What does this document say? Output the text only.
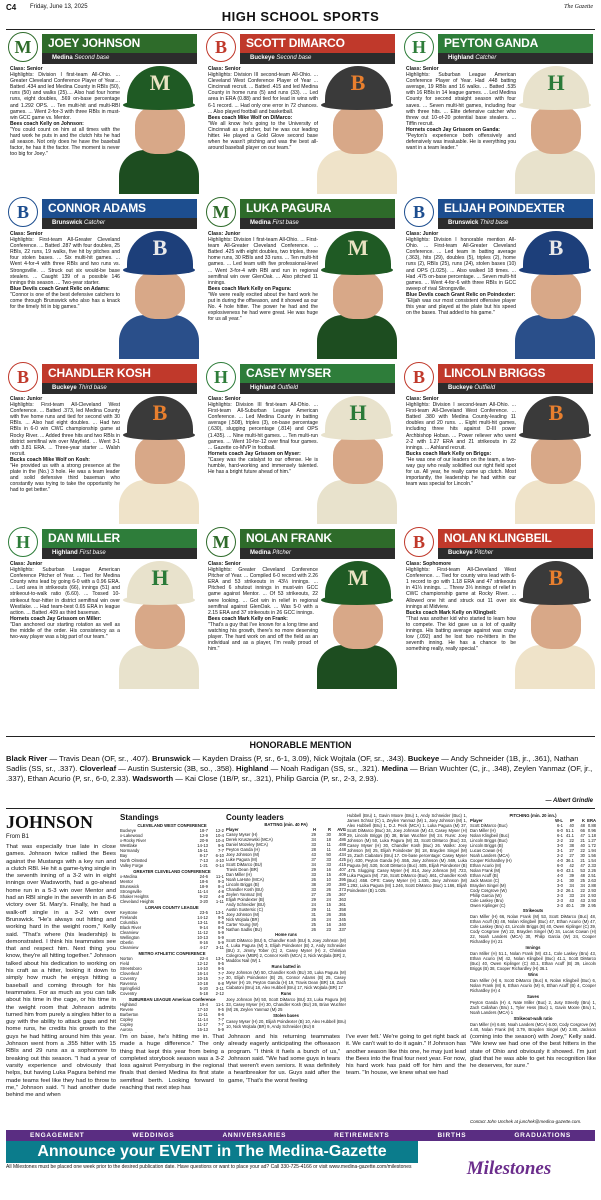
C4 Friday, June 13, 2025
HIGH SCHOOL SPORTS
The Gazette
M	JOEY JOHNSON
Medina Second base
Class: Senior
Highlights: Division I first-team All-Ohio. ... Greater Cleveland Conference Player of Year.... Batted .434 and led Medina County in RBIs (50), runs (50) and walks (25).... Also had four home runs, eight doubles, .569 on-base percentage and 1.292 OPS. ... Ten multi-hit and multi-RBI games. ... Went 2-for-3 with three RBIs in must-win GCC game vs. Mentor.
Bees coach Kelly on Johnson:
"You could count on him at all times with the hard work he puts in and the clutch hits he had all season. Not only does he have the baseball factor, he has it the factor. The moment is never too big for Joey."
M
B	SCOTT DIMARCO
Buckeye Second base
Class: Senior
Highlights: Division III second-team All-Ohio. ... Cleveland West Conference Player of Year ... Cincinnati recruit. ... Batted .415 and led Medina County in home runs (5) and runs (33). ... Led area in ERA (0.88) and tied for lead in wins with 6-1 record. ... Had only one error in 72 chances. ... Also played football and basketball.
Bees coach Mike Wolf on DiMarco:
"We all know he's going to the University of Cincinnati as a pitcher, but he was our leading hitter. He played a Gold Glove second base when he wasn't pitching and was the best all-around baseball player on our team."
B
H	PEYTON GANDA
Highland Catcher
Class: Senior
Highlights: Suburban League American Conference Player of Year. Had .448 batting average, 19 RBIs and 16 walks. ... Batted .535 with 16 RBIs in 14 league games. ... Led Medina County for second straight season with four saves. ... Seven multi-hit games, including four with three hits. ... Elite defensive catcher who threw out 10-of-20 potential base stealers. ... Tiffin recruit.
Hornets coach Jay Grissom on Ganda:
"Peyton's experience both offensively and defensively was invaluable. He is everything you want in a team leader."
H
B	CONNOR ADAMS
Brunswick Catcher
Class: Senior
Highlights: First-team All-Greater Cleveland Conference. ... Batted .287 with four doubles, 25 RBIs, 22 runs, 19 walks, five hit by pitches and four stolen bases. ... Six multi-hit games. ... Went 4-for-4 with three RBIs and two runs vs. Strongsville. ... Struck out six would-be base stealers. ... Caught 139 of a possible 146 innings this season. ... Two-year starter.
Blue Devils coach Grant Relic on Adams:
"Connor is one of the best defensive catchers to come through Brunswick who also has a knack for the timely hit in big games."
B
M	LUKA PAGURA
Medina First base
Class: Junior
Highlights: Division I first-team All-Ohio. ... First-team All-Greater Cleveland Conference. ... Batted .425 with eight doubles, two triples, three home runs, 30 RBIs and 33 runs. ... Ten multi-hit games. ... Led team with five professional-level ... Went 3-for-4 with RBI and run in regional semifinal win over GlenOak. ... Also pitched 11 innings.
Bees coach Mark Kelly on Pagura:
"We were really excited about the hard work he put in during the offseason, and it showed as our No. 4 hole hitter. The power he had and the explosiveness he had were great. He was huge for us all year."
M
B	ELIJAH POINDEXTER
Brunswick Third base
Class: Junior
Highlights: Division I honorable mention All-Ohio. ... First-team All-Greater Cleveland Conference. ... Led team in batting average (.363), hits (29), doubles (5), triples (2), home runs (2), RBIs (25), runs (24), stolen bases (10) and OPS (1.025). ... Also walked 18 times. ... Had .475 on-base percentage. ... Seven multi-hit games. ... Went 4-for-6 with three RBIs in GCC sweep of rival Strongsville.
Blue Devils coach Grant Relic on Poindexter:
"Elijah was our most consistent offensive player this year and played at the plate but his speed on the bases. That added to his game."
B
B	CHANDLER KOSH
Buckeye Third base
Class: Junior
Highlights: First-team All-Cleveland West Conference. ... Batted .373, led Medina County with five home runs and tied for second with 30 RBIs. ... Also had eight doubles. ... Had two RBIs in 6-0 win CWC championship game at Rocky River. ... Added three hits and two RBIs in district semifinal win over Mayfield. ... Went 3-1 with 3.81 ERA. ... Three-year starter ... Walsh recruit.
Bucks coach Mike Wolf on Kosh:
"He provided us with a strong presence at the plate in the (No.) 3 hole. He was a team leader and solid defensive third baseman who constantly was trying to take the opportunity he had to get better."
B
H	CASEY MYSER
Highland Outfield
Class: Senior
Highlights: Division III first-team All-Ohio. ... First-team All-Suburban League American Conference. ... Led Medina County in batting average (.508), triples (3), on-base percentage (.630), slugging percentage (.814) and OPS (1.435). ... Nine multi-hit games. ... Ten multi-run games. ... Went 10-for-12 over final four games. ... Gazette co-MVP in football.
Hornets coach Jay Grissom on Myser:
"Casey was the catalyst to our offense. He is humble, hard-working and immensely talented. He has a bright future ahead of him."
H
B	LINCOLN BRIGGS
Buckeye Outfield
Class: Senior
Highlights: Division I second-team All-Ohio. ... First-team All-Cleveland West Conference. ... Batted .380 with Medina County-leading 11 doubles and 20 runs. ... Eight multi-hit games, including three hits against D-III power Archbishop Hoban. ... Power reliever who went 2-2 with 1.27 ERA and 21 strikeouts in 22 innings. ... Ashland recruit.
Bucks coach Mark Kelly on Briggs:
"He was one of our leaders on the team, a two-way guy who really solidified our right field spot for us. All year, he really came up clutch. Most importantly, the leadership he had within our team was special for Lincoln."
B
H	DAN MILLER
Highland First base
Class: Junior
Highlights: Suburban League American Conference Pitcher of Year. ... Tied for Medina County wins lead by going 6-0 with a 0.96 ERA. ... Led area in strikeouts (66), innings (51) and strikeout-to-walk ratio (6.60). ... Tossed 10-strikeout four-hitter in district semifinal win over Westlake. ... Had team-best 0.65 ERA in league action. ... Batted .409 as third baseman.
Hornets coach Jay Grissom on Miller:
"Dan anchored our starting rotation as well as the middle of the order. His consistency as a two-way player was a big part of our team."
H
M	NOLAN FRANK
Medina Pitcher
Class: Senior
Highlights: Greater Cleveland Conference Pitcher of Year. ... Compiled 6-0 record with 2.26 ERA and 53 strikeouts in 43⅓ innings. ... Pitched 6 shutout innings in must-win GCC game against Mentor. ... Of 53 strikeouts, 22 were looking. ... Got win in relief in regional semifinal against GlenOak. ... Was 5-0 with a 2.15 ERA and 37 strikeouts in 26 GCC innings.
Bees coach Mark Kelly on Frank:
"That's a guy that I've known for a long time and watching his growth, there's no more deserving player. The hard work on and off the field as an individual and as a player, I'm really proud of him."
M
B	NOLAN KLINGBEIL
Buckeye Pitcher
Class: Sophomore
Highlights: First-team All-Cleveland West Conference. ... Tied for county wins lead with 6-1 record to go with 1.18 ERA and 47 strikeouts in 41⅓ innings. ... Threw 3⅓ innings of relief in CWC championship game at Rocky River. ... Allowed one hit and struck out 11 over six innings at Midview.
Bucks coach Mark Kelly on Klingbeil:
"That was another kid who started to learn how to compete. The kid gave us a lot of quality innings. His batting average against was crazy low (.092) and he lost two no-hitters in the seventh inning. He has a chance to be something really, really special."
B
HONORABLE MENTION
Black River — Travis Dean (OF, sr., .407). Brunswick — Kayden Draiss (P, sr., 6-1, 3.09), Nick Wojtala (OF, sr., .343). Buckeye — Andy Schneider (1B, jr., .361), Nathan Sadlis (SS, sr., .337). Cloverleaf — Austin Sustersic (3B, so., .358). Highland — Noah Radigan (SS, sr., .321). Medina — Brian Wuchter (C, jr., .348), Zeylen Yanmaz (OF, jr., .337), Ethan Acurio (P, sr., 6-0, 2.33). Wadsworth — Kai Close (1B/P, sr., .321), Philip Garcia (P, sr., 2-3, 2.93).
— Albert Grindle
JOHNSON
From B1
That was especially true late in close games. Johnson twice rallied the Bees against the Mustangs with a key run and a clutch RBI. He hit a game-tying single in the seventh inning of a 3-2 win in eight innings over Wadsworth, had a go-ahead home run in a 5-3 win over Mentor and had an RBI single in the seventh in an 8-6 victory over St. Mary's. Finally, he had a walk-off single in a 3-2 win over Brunswick. "He's always out hitting and working hard in the weight room," Kelly said. "That's where (his leadership) is demonstrated. I think his teammates see that and respect him. Next thing you know, they're all hitting together." Johnson talked about his dedication to working on his craft as a hitter, looking it down to simply how much he enjoys hitting a baseball and coming through for his teammates. For as much as you can talk about his time in the cage, or his time in the weight room that Johnson admits turned him from purely a singles hitter to a guy with the ability to attack gaps and hit home runs, he credits his growth to the guys he had hitting around him this year. Johnson went from a .355 hitter with 15 RBIs and 29 runs as a sophomore to breaking out this season. "I had a year of varsity experience and obviously that helps, but having Luka Pagura behind me made teams feel like they had to throw to me," Johnson said. "I had another dude behind me and when
I'm on base, he's hitting me in. That made a huge difference." The only thing that kept this year from being a completed storybook season was a 3-2 loss against Perrysburg in the regional finals that denied Medina its first state semifinal berth. Looking forward to reaching that next step has
Johnson and his returning teammates already eagerly anticipating the offseason program. "I think it fuels a bunch of us," Johnson said. "We had some guys in tears that weren't even seniors. It was definitely a heartbreaker for us. Guys said after the game, 'That's the worst feeling
I've ever felt.' We're going to get right back at it. We can't wait to do it again." If Johnson has another season like this one, he may just lead the Bees into the final four next year. For now, his hard work has paid off for him and the team. "In house, we knew what we had
(coming into the season) with Joey," Kelly said. "We knew we had one of the best hitters in the state of Ohio and obviously it showed. I'm just glad that he was able to get his recognition like he deserves, for sure."
Contact John Unchek at junchek@medina-gazette.com.
Standings
CLEVELAND WEST CONFERENCE
Buckeye	18-7	12-2
x-Lakewood	12-9	10-4
x-Rocky River	20-9	10-4
Westlake	14-13	9-5
Normandy	15-11	7-7
Bay	8-17	6-10
North Olmsted	7-13	4-10
Valley Forge	1-21	0-14
GREATER CLEVELAND CONFERENCE
x-Medina	24-6	11-1
Mentor	18-6	9-3
Brunswick	18-9	8-4
Strongsville	11-14	4-8
Shaker Heights	9-22	4-8
Cleveland Heights	3-20	1-11
LORAIN COUNTY LEAGUE
Keystone	23-5	13-1
Firelands	14-12	9-5
Columbia	13-11	8-6
Black River	9-14	8-6
Clearview	11-12	5-9
Wellington	10-13	5-9
Oberlin	8-16	5-9
Clearview	4-17	3-11
METRO ATHLETIC CONFERENCE
Norton	22-4	13-1
Field	12-12	9-5
Streetsboro	14-10	9-5
Cloverleaf	16-14	7-7
Coventry	10-15	7-7
Ravenna	10-18	6-8
Springfield	5-20	3-11
Coventry	5-18	2-12
SUBURBAN LEAGUE American Conference
Highland	19-4	11-1
Revere	17-10	9-5
Barberton	11-11	8-6
Copley	11-14	7-7
Copley	11-17	7-7
Aurora	15-13	5-9
County leaders
BATTING (min. 40 PA)
Player	H	R	AVG
Casey Myser (H)	29	30	.508
Derek Kruszewski (MCA)	34	18	.486
Daniel Mozeley (MCA)	33	11	.488
Peyton Ganda (H)	28	11	.448
Joey Johnson (M)	43	50	.434
Luke Pagura (M)	37	33	.425
Scott DiMarco (BU)	34	33	.415
Travis Dean (BR)	29	16	.407
Dan Miller (H)	33	15	.409
Noah LaHote (MCA)	26	10	.395
Lincoln Briggs (B)	38	20	.380
Chandler Kosh (BU)	33	26	.373
Zeylen Yanmaz (M)	27	25	.367
Elijah Poindexter (B)	29	24	.363
Andy Schneider (BU)	24	15	.361
Austin Sustersic (C)	29	11	.358
Joey Johnson (M)	31	26	.355
Nick Wojtala (BR)	26	24	.345
Carter Young (W)	25	16	.340
Nathan Sadlis (BU)	26	23	.337
Home runs

Scott DiMarco (BU) 5, Chandler Kosh (BU) 5, Joey Johnson (M) 4, Luka Pagura (M) 3, Elijah Poindexter (B) 2, Andy Schneider (BU) 2, Jimmy Tober (C) 2, Casey Myser (H) 2, Christian Colegrove (MBR) 2, Connor Keith (MCA) 2, Nick Wojtala (BR) 2, Maddox Nail (W) 1

Runs batted in

Joey Johnson (M) 50, Chandler Kosh (BU) 30, Luka Pagura (M) 30, Elijah Poindexter (B) 25, Connor Adams (B) 25, Casey Myser (H) 19, Peyton Ganda (H) 19, Travis Dean (BR) 18, Zach Ciabatoni (Bru) 18, Alex Hubbell (Bru) 17, Nick Wojtala (BR) 17

Runs

Joey Johnson (M) 50, Scott DiMarco (BU) 33, Luka Pagura (M) 33, Casey Myser (H) 30, Chandler Kosh (BU) 26, Brian Wuchter (M) 26, Zeylen Yanmaz (M) 25

Stolen bases

Casey Myser (H) 20, Elijah Poindexter (B) 10, Alex Hubbell (Bru) 10, Nick Wojtala (BR) 9, Andy Schneider (BU) 8

Hubbell (Bru) 1, Gavin Moore (Bru) 1, Andy Schneider (Buc) 1, James Schraz (C) 1, Zeylen Yanmaz (M) 1, Joey Johnson (M) 1, Alex Hubbell (Bru) 1, D.J. Peck (MCA) 1. Luka Pagura (M) 37, Scott DiMarco (Buc) 34, Joey Johnson (M) 43, Casey Myser (H) 29, Lincoln Briggs (B) 38, Brian Wuchter (M) 24. Runs: Joey Johnson (M) 50, Luka Pagura (M) 33, Scott DiMarco (Buc) 33, Casey Myser (H) 30, Chandler Kosh (Buc) 26. Walks: Joey Johnson (M) 25, Elijah Poindexter (B) 18, Brayden Singel (M) 15, Zach Ciabatoni (Bru) 17. On-base percentage: Casey Myser (H) .630, Peyton Ganda (H) .555, Joey Johnson (M) .569, Luka Pagura (M) .530, Scott DiMarco (Buc) .505, Elijah Poindexter (B) .475. Slugging: Casey Myser (H) .814, Joey Johnson (M) .723, Luka Pagura (M) .716, Scott DiMarco (Buc) .661, Chandler Kosh (Buc) .658. OPS: Casey Myser (H) 1.435, Joey Johnson (M) 1.292, Luka Pagura (M) 1.246, Scott DiMarco (Buc) 1.166, Elijah Poindexter (B) 1.025.
PITCHING (min. 20 inn.)
Player	W-L	IP	K ERA
Scott DiMarco (Buc)	6-1	40	48 0.88
Dan Miller (H)	6-0 51.1	66 0.96
Nolan Klingbeil (Buc)	6-1 41.1	47 1.18
Lincoln Briggs (Buc)	2-2	22	21 1.27
Lincoln Briggs (B)	3-0	38	40 1.72
Lucas Cowan (H)	3-1	27	22 1.94
Noah Landers (MCA)	2-2	27	30 1.56
Cooper Richardley (H)	4-0 36.1	21 1.54
Ethan Acurio (M)	6-0	42	47 2.33
Nolan Frank (M)	6-0 43.1	53 2.26
Ethan Acuff (B)	4-0	39	48 2.51
Jack Mason (C)	2-1	30	25 2.63
Brayden Singel (M)	3-0	34	34 2.88
Cody Cosgrove (W)	3-2 26.1	22 2.93
Philip Garcia (W)	2-3	33	24 2.93
Cole Laskey (Bru)	2-3	43	43 2.93
Owen Kiplinger (C)	2-3 40.1	39 2.95
Strikeouts

Dan Miller (H) 66, Nolan Frank (M) 53, Scott DiMarco (Buc) 48, Ethan Acuff (B) 48, Nolan Klingbeil (Buc) 47, Ethan Acurio (M) 47, Cole Laskey (Bru) 43, Lincoln Briggs (B) 40, Owen Kiplinger (C) 39, Cody Cosgrove (W) 22, Brayden Singel (M) 34, Lucas Cowan (H) 22, Noah Landers (MCA) 30, Philip Garcia (W) 24, Cooper Richardley (H) 21

Innings

Dan Miller (H) 51.1, Nolan Frank (M) 43.1, Cole Laskey (Bru) 43, Ethan Acurio (M) 42, Nolan Klingbeil (Buc) 41.1, Scott DiMarco (Buc) 40, Owen Kiplinger (C) 40.1, Ethan Acuff (B) 39, Lincoln Briggs (B) 38, Cooper Richardley (H) 36.1

Wins

Dan Miller (H) 6, Scott DiMarco (Buc) 6, Nolan Klingbeil (Buc) 6, Nolan Frank (M) 6, Ethan Acurio (M) 6, Ethan Acuff (B) 4, Cooper Richardley (H) 4

Saves

Peyton Ganda (H) 4, Nate Miller (Buc) 2, Jusy Streetly (Bru) 1, Zach Callahan (Bru) 1, Tyler Hess (Buc) 1, Gavin Moore (Bru) 1, Noah Landers (MCA) 1

Strikeout-walk ratio

Dan Miller (H) 6.60, Noah Landers (MCA) 6.00, Cody Cosgrove (W) 4.40, Nolan Frank (M) 3.79, Brayden Singel (M) 2.80, Jackson

ENGAGEMENT	WEDDINGS	ANNIVERSARIES	RETIREMENTS	BIRTHS	GRADUATIONS
Announce your EVENT in The Medina-Gazette
All Milestones must be placed one week prior to the desired publication date. Have questions or want to place your ad? Call 330-725-4166 or visit www.medina-gazette.com/milestones	Milestones
